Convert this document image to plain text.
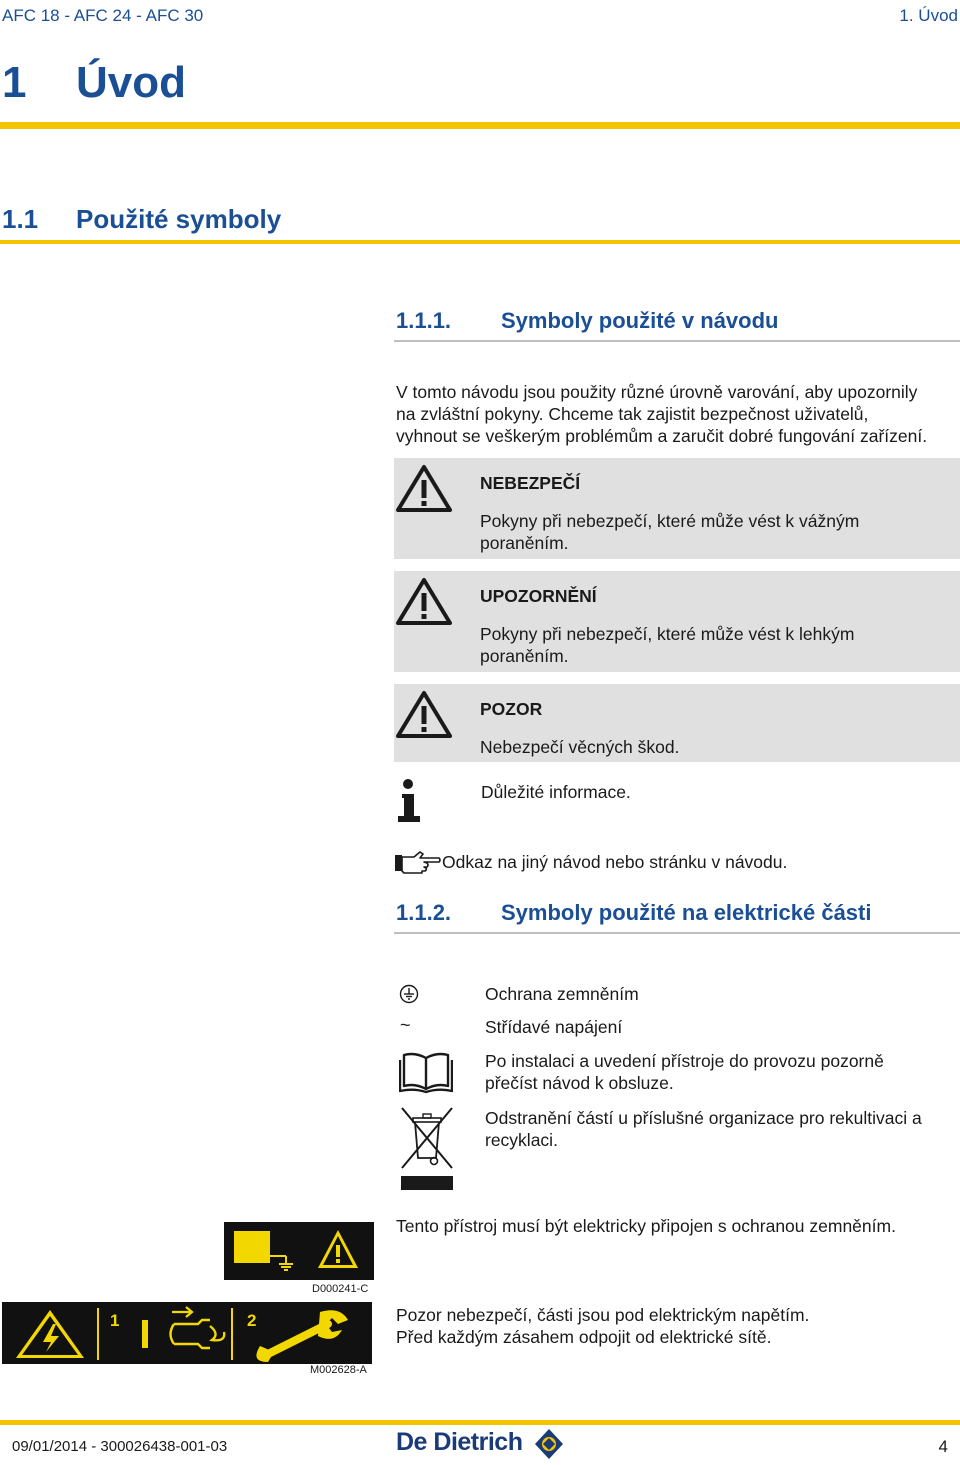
AFC 18 - AFC 24 - AFC 30	1. Úvod
1 Úvod
1.1 Použité symboly
1.1.1. Symboly použité v návodu
V tomto návodu jsou použity různé úrovně varování, aby upozornily
na zvláštní pokyny. Chceme tak zajistit bezpečnost uživatelů,
vyhnout se veškerým problémům a zaručit dobré fungování zařízení.
NEBEZPEČÍ
Pokyny při nebezpečí, které může vést k vážným
poraněním.
UPOZORNĚNÍ
Pokyny při nebezpečí, které může vést k lehkým
poraněním.
POZOR
Nebezpečí věcných škod.
Důležité informace.
Odkaz na jiný návod nebo stránku v návodu.
1.1.2. Symboly použité na elektrické části
Ochrana zemněním
~	Střídavé napájení
Po instalaci a uvedení přístroje do provozu pozorně
přečíst návod k obsluze.
Odstranění částí u příslušné organizace pro rekultivaci a
recyklaci.
D000241-C
Tento přístroj musí být elektricky připojen s ochranou zemněním.
1	2
M002628-A
Pozor nebezpečí, části jsou pod elektrickým napětím.
Před každým zásahem odpojit od elektrické sítě.
09/01/2014 - 300026438-001-03	De Dietrich	4
